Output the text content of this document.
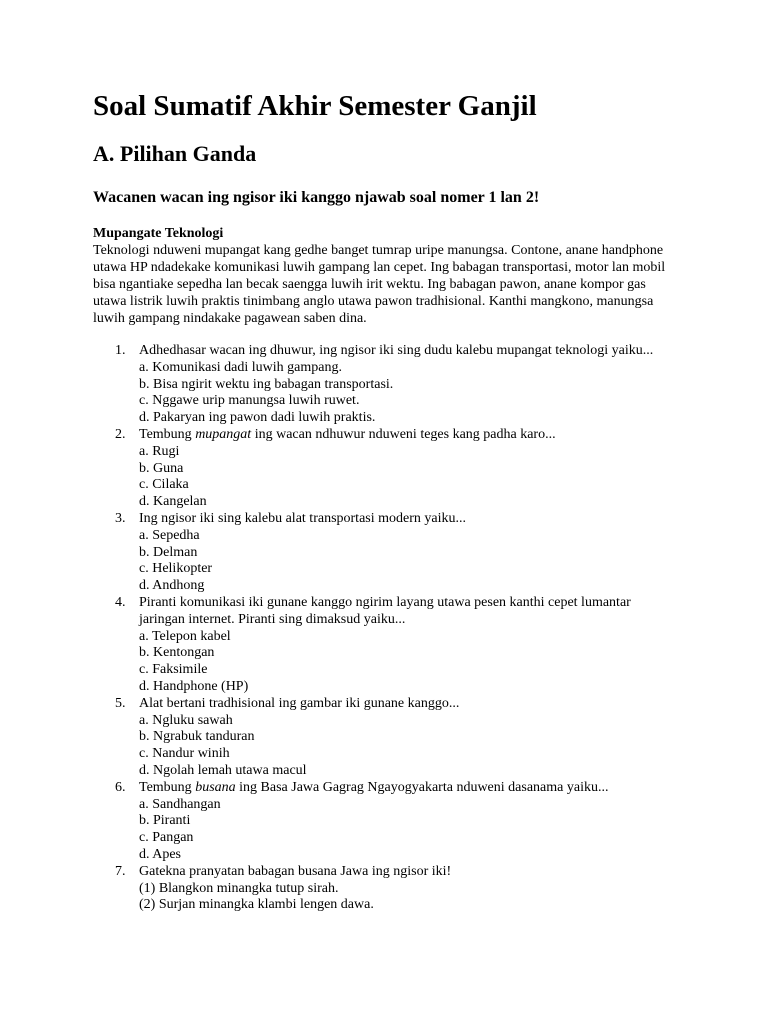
Soal Sumatif Akhir Semester Ganjil
A. Pilihan Ganda

Wacanen wacan ing ngisor iki kanggo njawab soal nomer 1 lan 2!

Mupangate Teknologi

Teknologi nduweni mupangat kang gedhe banget tumrap uripe manungsa. Contone, anane handphone utawa HP ndadekake komunikasi luwih gampang lan cepet. Ing babagan transportasi, motor lan mobil bisa ngantiake sepedha lan becak saengga luwih irit wektu. Ing babagan pawon, anane kompor gas utawa listrik luwih praktis tinimbang anglo utawa pawon tradhisional. Kanthi mangkono, manungsa luwih gampang nindakake pagawean saben dina.

1. Adhedhasar wacan ing dhuwur, ing ngisor iki sing dudu kalebu mupangat teknologi yaiku...
a. Komunikasi dadi luwih gampang.
b. Bisa ngirit wektu ing babagan transportasi.
c. Nggawe urip manungsa luwih ruwet.
d. Pakaryan ing pawon dadi luwih praktis.
2. Tembung mupangat ing wacan ndhuwur nduweni teges kang padha karo...
a. Rugi
b. Guna
c. Cilaka
d. Kangelan
3. Ing ngisor iki sing kalebu alat transportasi modern yaiku...
a. Sepedha
b. Delman
c. Helikopter
d. Andhong
4. Piranti komunikasi iki gunane kanggo ngirim layang utawa pesen kanthi cepet lumantar jaringan internet. Piranti sing dimaksud yaiku...
a. Telepon kabel
b. Kentongan
c. Faksimile
d. Handphone (HP)
5. Alat bertani tradhisional ing gambar iki gunane kanggo...
a. Ngluku sawah
b. Ngrabuk tanduran
c. Nandur winih
d. Ngolah lemah utawa macul
6. Tembung busana ing Basa Jawa Gagrag Ngayogyakarta nduweni dasanama yaiku...
a. Sandhangan
b. Piranti
c. Pangan
d. Apes
7. Gatekna pranyatan babagan busana Jawa ing ngisor iki!
(1) Blangkon minangka tutup sirah.
(2) Surjan minangka klambi lengen dawa.
